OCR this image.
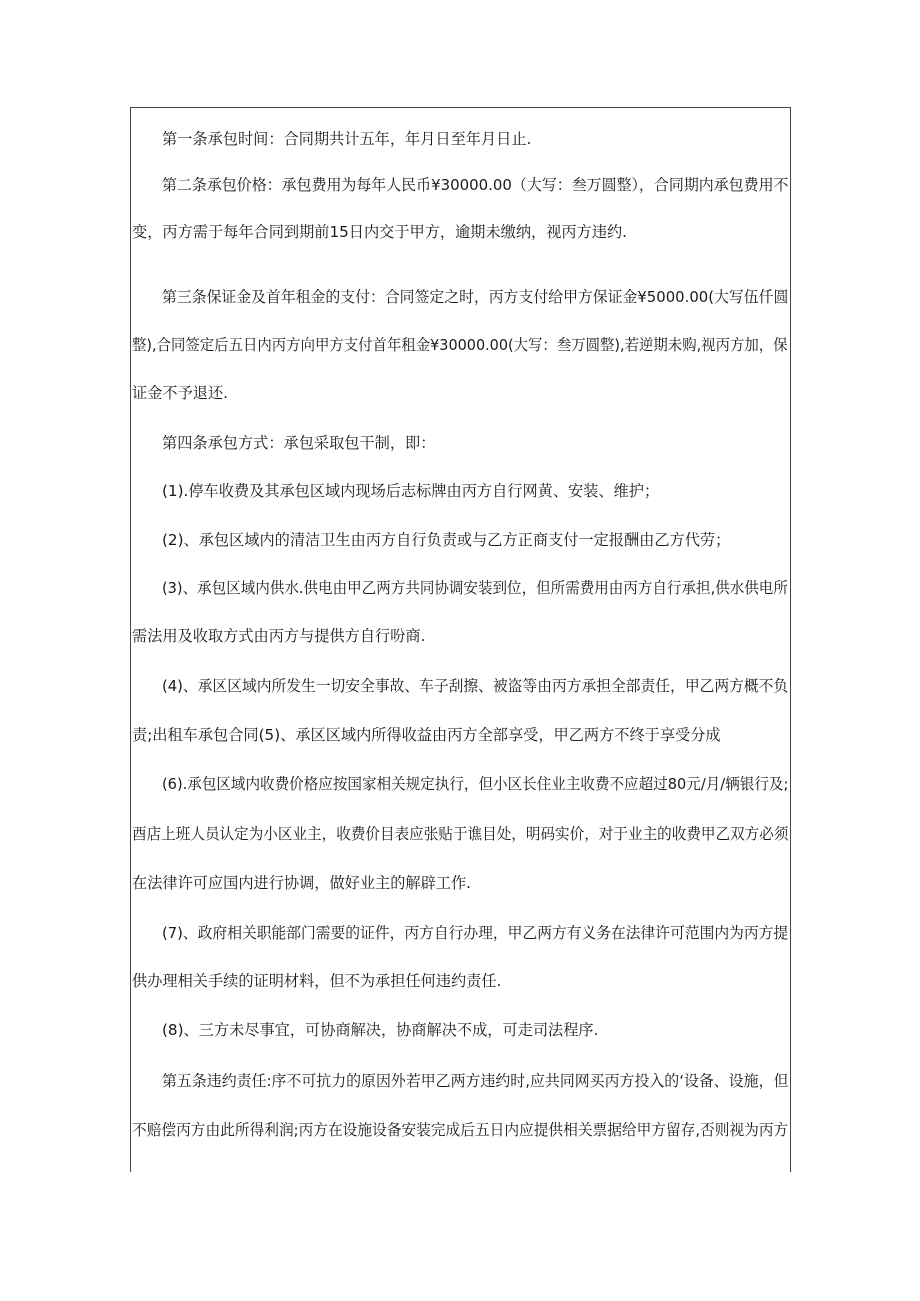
第一条承包时间：合同期共计五年，年月日至年月日止.
第二条承包价格：承包费用为每年人民币¥30000.00（大写：叁万圆整），合同期内承包费用不
变，丙方需于每年合同到期前15日内交于甲方，逾期未缴纳，视丙方违约.
第三条保证金及首年租金的支付：合同签定之时，丙方支付给甲方保证金¥5000.00(大写伍仟圆
整),合同签定后五日内丙方向甲方支付首年租金¥30000.00(大写：叁万圆整),若逆期未购,视丙方加，保
证金不予退还.
第四条承包方式：承包采取包干制，即：
(1).停车收费及其承包区域内现场后志标牌由丙方自行网黄、安装、维护；
(2)、承包区域内的清洁卫生由丙方自行负责或与乙方正商支付一定报酬由乙方代劳；
(3)、承包区域内供水.供电由甲乙两方共同协调安装到位，但所需费用由丙方自行承担,供水供电所
需法用及收取方式由丙方与提供方自行吩商.
(4)、承区区域内所发生一切安全事故、车子刮擦、被盗等由丙方承担全部责任，甲乙两方概不负
责;出租车承包合同(5)、承区区域内所得收益由丙方全部享受，甲乙两方不终于享受分成
(6).承包区域内收费价格应按国家相关规定执行，但小区长住业主收费不应超过80元/月/辆银行及;
酉店上班人员认定为小区业主，收费价目表应张贴于谯目处，明码实价，对于业主的收费甲乙双方必须
在法律许可应国内进行协调，做好业主的解辟工作.
(7)、政府相关职能部门需要的证件，丙方自行办理，甲乙两方有义务在法律许可范围内为丙方提
供办理相关手续的证明材料，但不为承担任何违约责任.
(8)、三方未尽事宜，可协商解决，协商解决不成，可走司法程序.
第五条违约责任:序不可抗力的原因外若甲乙两方违约时,应共同网买丙方投入的‘设备、设施，但
不赔偿丙方由此所得利润;丙方在设施设备安装完成后五日内应提供相关票据给甲方留存,否则视为丙方
